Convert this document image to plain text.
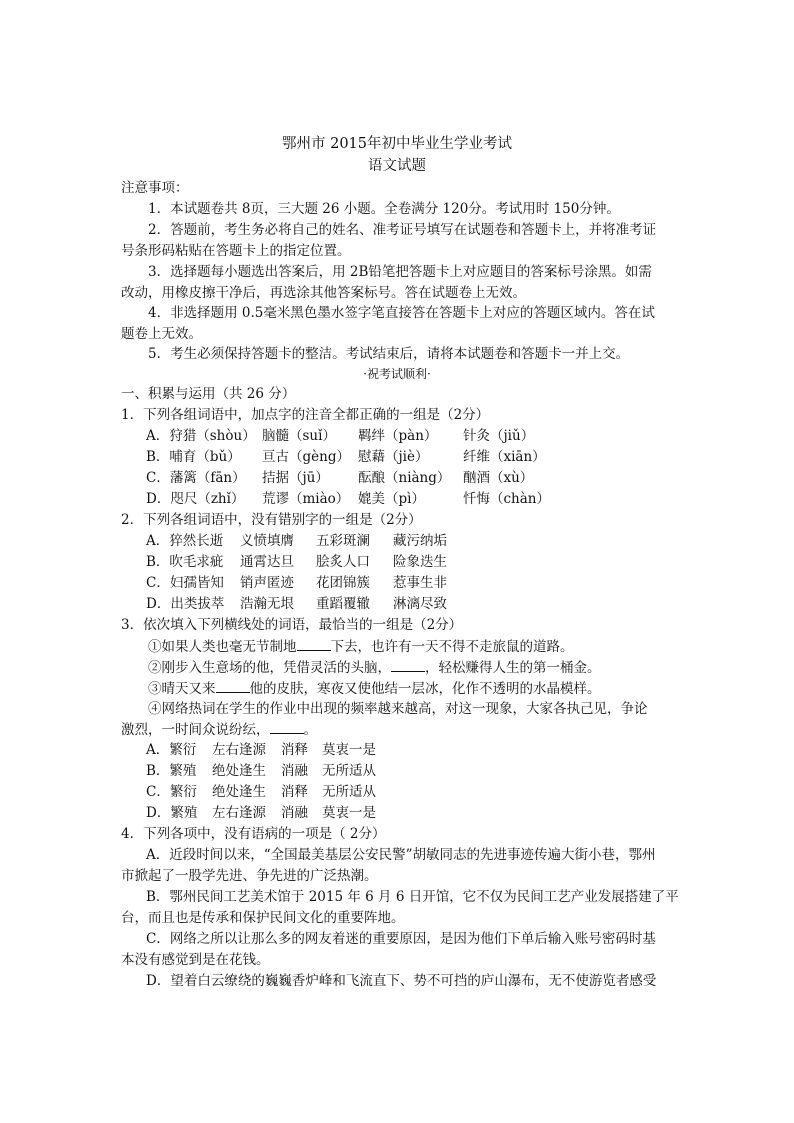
鄂州市 2015年初中毕业生学业考试
语文试题
注意事项：
1．本试题卷共 8页，三大题 26 小题。全卷满分 120分。考试用时 150分钟。
2．答题前，考生务必将自己的姓名、准考证号填写在试题卷和答题卡上，并将准考证
号条形码粘贴在答题卡上的指定位置。
3．选择题每小题选出答案后，用 2B铅笔把答题卡上对应题目的答案标号涂黑。如需
改动，用橡皮擦干净后，再选涂其他答案标号。答在试题卷上无效。
4．非选择题用 0.5毫米黑色墨水签字笔直接答在答题卡上对应的答题区域内。答在试
题卷上无效。
5．考生必须保持答题卡的整洁。考试结束后，请将本试题卷和答题卡一并上交。
·祝考试顺利·
一、积累与运用（共 26 分）
1．下列各组词语中，加点字的注音全都正确的一组是（2分）
A．狩猎（shòu） 脑髓（suǐ） 羁绊（pàn） 针灸（jiǔ）
B．哺育（bǔ） 亘古（gèng） 慰藉（jiè）	纤维（xiān）
C．藩篱（fān） 拮据（jū） 酝酿（niàng） 酗酒（xù）
D．咫尺（zhǐ） 荒谬（miào） 媲美（pì）	忏悔（chàn）
2．下列各组词语中，没有错别字的一组是（2分）
A．猝然长逝 义愤填膺 五彩斑澜 藏污纳垢
B．吹毛求疵 通霄达旦 脍炙人口 险象迭生
C．妇孺皆知 销声匿迹 花团锦簇 惹事生非
D．出类拔萃 浩瀚无垠 重蹈覆辙 淋漓尽致
3．依次填入下列横线处的词语，最恰当的一组是（2分）
①如果人类也毫无节制地	下去，也许有一天不得不走旅鼠的道路。
②刚步入生意场的他，凭借灵活的头脑，	，轻松赚得人生的第一桶金。
③晴天又来	他的皮肤，寒夜又使他结一层冰，化作不透明的水晶模样。
④网络热词在学生的作业中出现的频率越来越高，对这一现象，大家各执己见，争论
激烈，一时间众说纷纭，	。
A．繁衍 左右逢源 消释 莫衷一是
B．繁殖 绝处逢生 消融 无所适从
C．繁衍 绝处逢生 消释 无所适从
D．繁殖 左右逢源 消融 莫衷一是
4．下列各项中，没有语病的一项是（ 2分）
A．近段时间以来，“全国最美基层公安民警”胡敏同志的先进事迹传遍大街小巷，鄂州
市掀起了一股学先进、争先进的广泛热潮。
B．鄂州民间工艺美术馆于 2015 年 6 月 6 日开馆，它不仅为民间工艺产业发展搭建了平
台，而且也是传承和保护民间文化的重要阵地。
C．网络之所以让那么多的网友着迷的重要原因，是因为他们下单后输入账号密码时基
本没有感觉到是在花钱。
D．望着白云缭绕的巍巍香炉峰和飞流直下、势不可挡的庐山瀑布，无不使游览者感受
